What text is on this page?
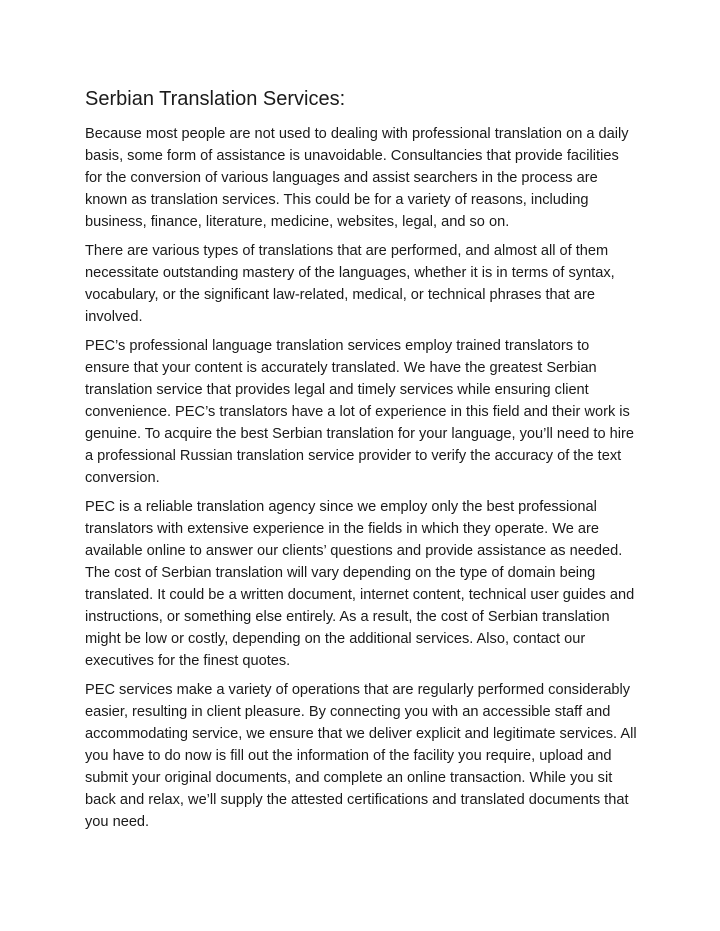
Serbian Translation Services:

Because most people are not used to dealing with professional translation on a daily basis, some form of assistance is unavoidable. Consultancies that provide facilities for the conversion of various languages and assist searchers in the process are known as translation services. This could be for a variety of reasons, including business, finance, literature, medicine, websites, legal, and so on.

There are various types of translations that are performed, and almost all of them necessitate outstanding mastery of the languages, whether it is in terms of syntax, vocabulary, or the significant law-related, medical, or technical phrases that are involved.

PEC’s professional language translation services employ trained translators to ensure that your content is accurately translated. We have the greatest Serbian translation service that provides legal and timely services while ensuring client convenience. PEC’s translators have a lot of experience in this field and their work is genuine. To acquire the best Serbian translation for your language, you’ll need to hire a professional Russian translation service provider to verify the accuracy of the text conversion.

PEC is a reliable translation agency since we employ only the best professional translators with extensive experience in the fields in which they operate. We are available online to answer our clients’ questions and provide assistance as needed. The cost of Serbian translation will vary depending on the type of domain being translated. It could be a written document, internet content, technical user guides and instructions, or something else entirely. As a result, the cost of Serbian translation might be low or costly, depending on the additional services. Also, contact our executives for the finest quotes.

PEC services make a variety of operations that are regularly performed considerably easier, resulting in client pleasure. By connecting you with an accessible staff and accommodating service, we ensure that we deliver explicit and legitimate services. All you have to do now is fill out the information of the facility you require, upload and submit your original documents, and complete an online transaction. While you sit back and relax, we’ll supply the attested certifications and translated documents that you need.
